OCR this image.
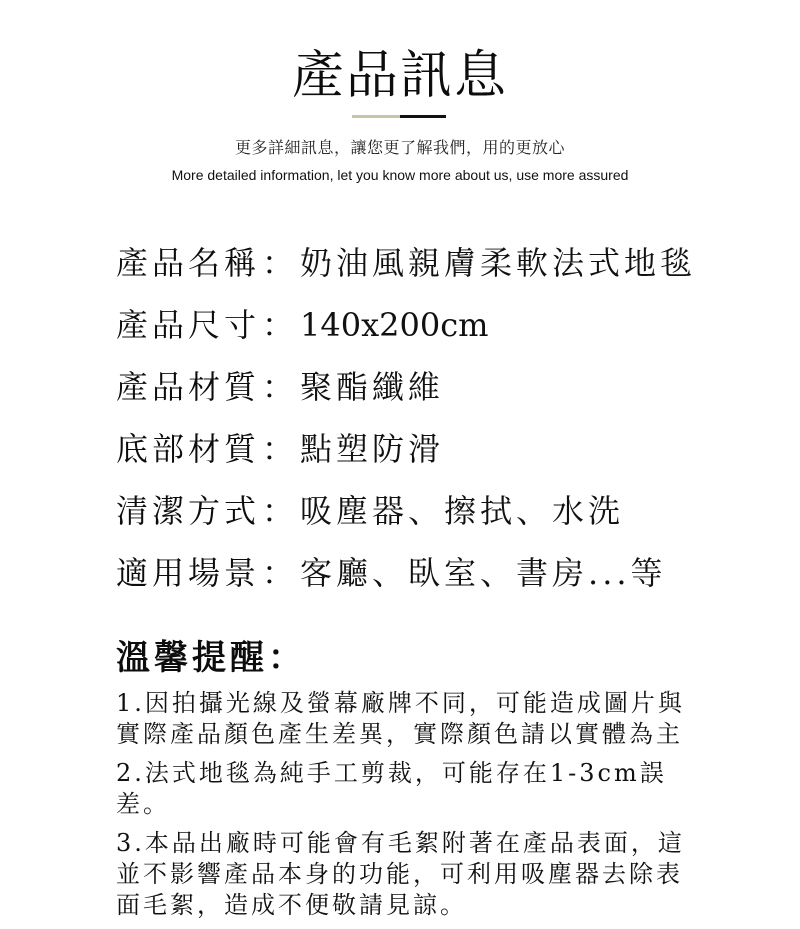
產品訊息
更多詳細訊息，讓您更了解我們，用的更放心
More detailed information, let you know more about us, use more assured
產品名稱 ： 奶油風親膚柔軟法式地毯
產品尺寸 ： 140x200cm
產品材質 ： 聚酯纖維
底部材質 ： 點塑防滑
清潔方式 ： 吸塵器、擦拭、水洗
適用場景 ： 客廳、臥室、書房...等
溫馨提醒：
1.因拍攝光線及螢幕廠牌不同，可能造成圖片與
實際產品顏色產生差異，實際顏色請以實體為主
2.法式地毯為純手工剪裁，可能存在1-3cm誤差。
3.本品出廠時可能會有毛絮附著在產品表面，這
並不影響產品本身的功能，可利用吸塵器去除表
面毛絮，造成不便敬請見諒。
